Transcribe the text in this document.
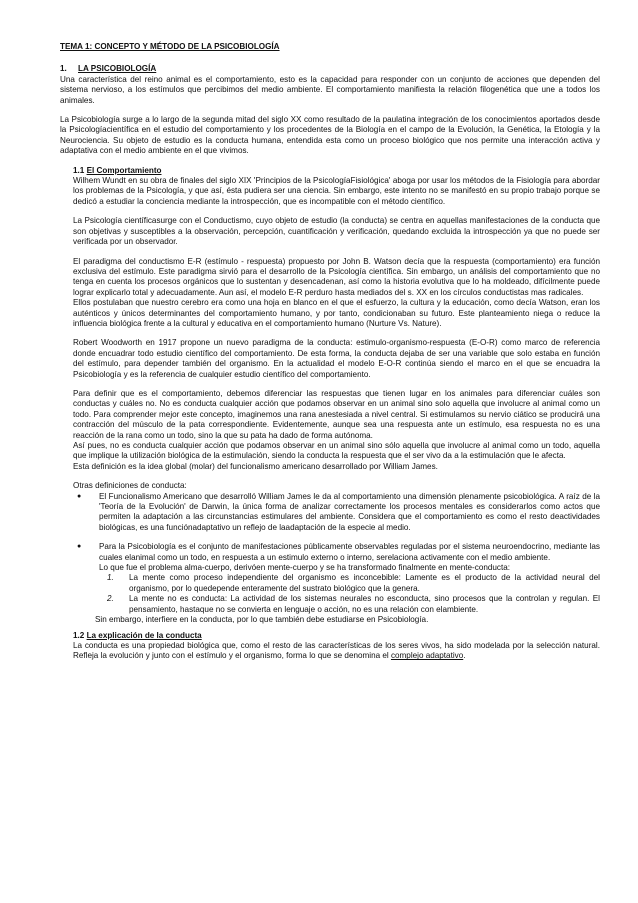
TEMA 1: CONCEPTO Y MÉTODO DE LA PSICOBIOLOGÍA

1. LA PSICOBIOLOGÍA

Una característica del reino animal es el comportamiento, esto es la capacidad para responder con un conjunto de acciones que dependen del sistema nervioso, a los estímulos que percibimos del medio ambiente. El comportamiento manifiesta la relación filogenética que une a todos los animales.

La Psicobiología surge a lo largo de la segunda mitad del siglo XX como resultado de la paulatina integración de los conocimientos aportados desde la Psicologíacientífica en el estudio del comportamiento y los procedentes de la Biología en el campo de la Evolución, la Genética, la Etología y la Neurociencia. Su objeto de estudio es la conducta humana, entendida esta como un proceso biológico que nos permite una interacción activa y adaptativa con el medio ambiente en el que vivimos.

1.1 El Comportamiento

Wilhem Wundt en su obra de finales del siglo XIX 'Principios de la PsicologíaFisiológica' aboga por usar los métodos de la Fisiología para abordar los problemas de la Psicología, y que así, ésta pudiera ser una ciencia. Sin embargo, este intento no se manifestó en su propio trabajo porque se dedicó a estudiar la conciencia mediante la introspección, que es incompatible con el método científico.

La Psicología científicasurge con el Conductismo, cuyo objeto de estudio (la conducta) se centra en aquellas manifestaciones de la conducta que son objetivas y susceptibles a la observación, percepción, cuantificación y verificación, quedando excluida la introspección ya que no puede ser verificada por un observador.

El paradigma del conductismo E-R (estímulo - respuesta) propuesto por John B. Watson decía que la respuesta (comportamiento) era función exclusiva del estímulo. Este paradigma sirvió para el desarrollo de la Psicología científica. Sin embargo, un análisis del comportamiento que no tenga en cuenta los procesos orgánicos que lo sustentan y desencadenan, así como la historia evolutiva que lo ha moldeado, difícilmente puede lograr explicarlo total y adecuadamente. Aun así, el modelo E-R perduro hasta mediados del s. XX en los círculos conductistas mas radicales.

Ellos postulaban que nuestro cerebro era como una hoja en blanco en el que el esfuerzo, la cultura y la educación, como decía Watson, eran los auténticos y únicos determinantes del comportamiento humano, y por tanto, condicionaban su futuro. Este planteamiento niega o reduce la influencia biológica frente a la cultural y educativa en el comportamiento humano (Nurture Vs. Nature).

Robert Woodworth en 1917 propone un nuevo paradigma de la conducta: estimulo-organismo-respuesta (E-O-R) como marco de referencia donde encuadrar todo estudio científico del comportamiento. De esta forma, la conducta dejaba de ser una variable que solo estaba en función del estímulo, para depender también del organismo. En la actualidad el modelo E-O-R continúa siendo el marco en el que se encuadra la Psicobiología y es la referencia de cualquier estudio científico del comportamiento.

Para definir que es el comportamiento, debemos diferenciar las respuestas que tienen lugar en los animales para diferenciar cuáles son conductas y cuáles no. No es conducta cualquier acción que podamos observar en un animal sino solo aquella que involucre al animal como un todo. Para comprender mejor este concepto, imaginemos una rana anestesiada a nivel central. Si estimulamos su nervio ciático se producirá una contracción del músculo de la pata correspondiente. Evidentemente, aunque sea una respuesta ante un estímulo, esa respuesta no es una reacción de la rana como un todo, sino la que su pata ha dado de forma autónoma.

Así pues, no es conducta cualquier acción que podamos observar en un animal sino sólo aquella que involucre al animal como un todo, aquella que implique la utilización biológica de la estimulación, siendo la conducta la respuesta que el ser vivo da a la estimulación que le afecta.

Esta definición es la idea global (molar) del funcionalismo americano desarrollado por William James.

Otras definiciones de conducta:

●	El Funcionalismo Americano que desarrolló William James le da al comportamiento una dimensión plenamente psicobiológica. A raíz de la 'Teoría de la Evolución' de Darwin, la única forma de analizar correctamente los procesos mentales es considerarlos como actos que permiten la adaptación a las circunstancias estimulares del ambiente. Considera que el comportamiento es como el resto deactividades biológicas, es una funciónadaptativo un reflejo de laadaptación de la especie al medio.

●	Para la Psicobiología es el conjunto de manifestaciones públicamente observables reguladas por el sistema neuroendocrino, mediante las cuales elanimal como un todo, en respuesta a un estimulo externo o interno, serelaciona activamente con el medio ambiente.

Lo que fue el problema alma-cuerpo, derivóen mente-cuerpo y se ha transformado finalmente en mente-conducta:

1.	La mente como proceso independiente del organismo es inconcebible: Lamente es el producto de la actividad neural del organismo, por lo quedepende enteramente del sustrato biológico que la genera.

2.	La mente no es conducta: La actividad de los sistemas neurales no esconducta, sino procesos que la controlan y regulan. El pensamiento, hastaque no se convierta en lenguaje o acción, no es una relación con elambiente.

Sin embargo, interfiere en la conducta, por lo que también debe estudiarse en Psicobiología.

1.2 La explicación de la conducta

La conducta es una propiedad biológica que, como el resto de las características de los seres vivos, ha sido modelada por la selección natural. Refleja la evolución y junto con el estímulo y el organismo, forma lo que se denomina el complejo adaptativo.
